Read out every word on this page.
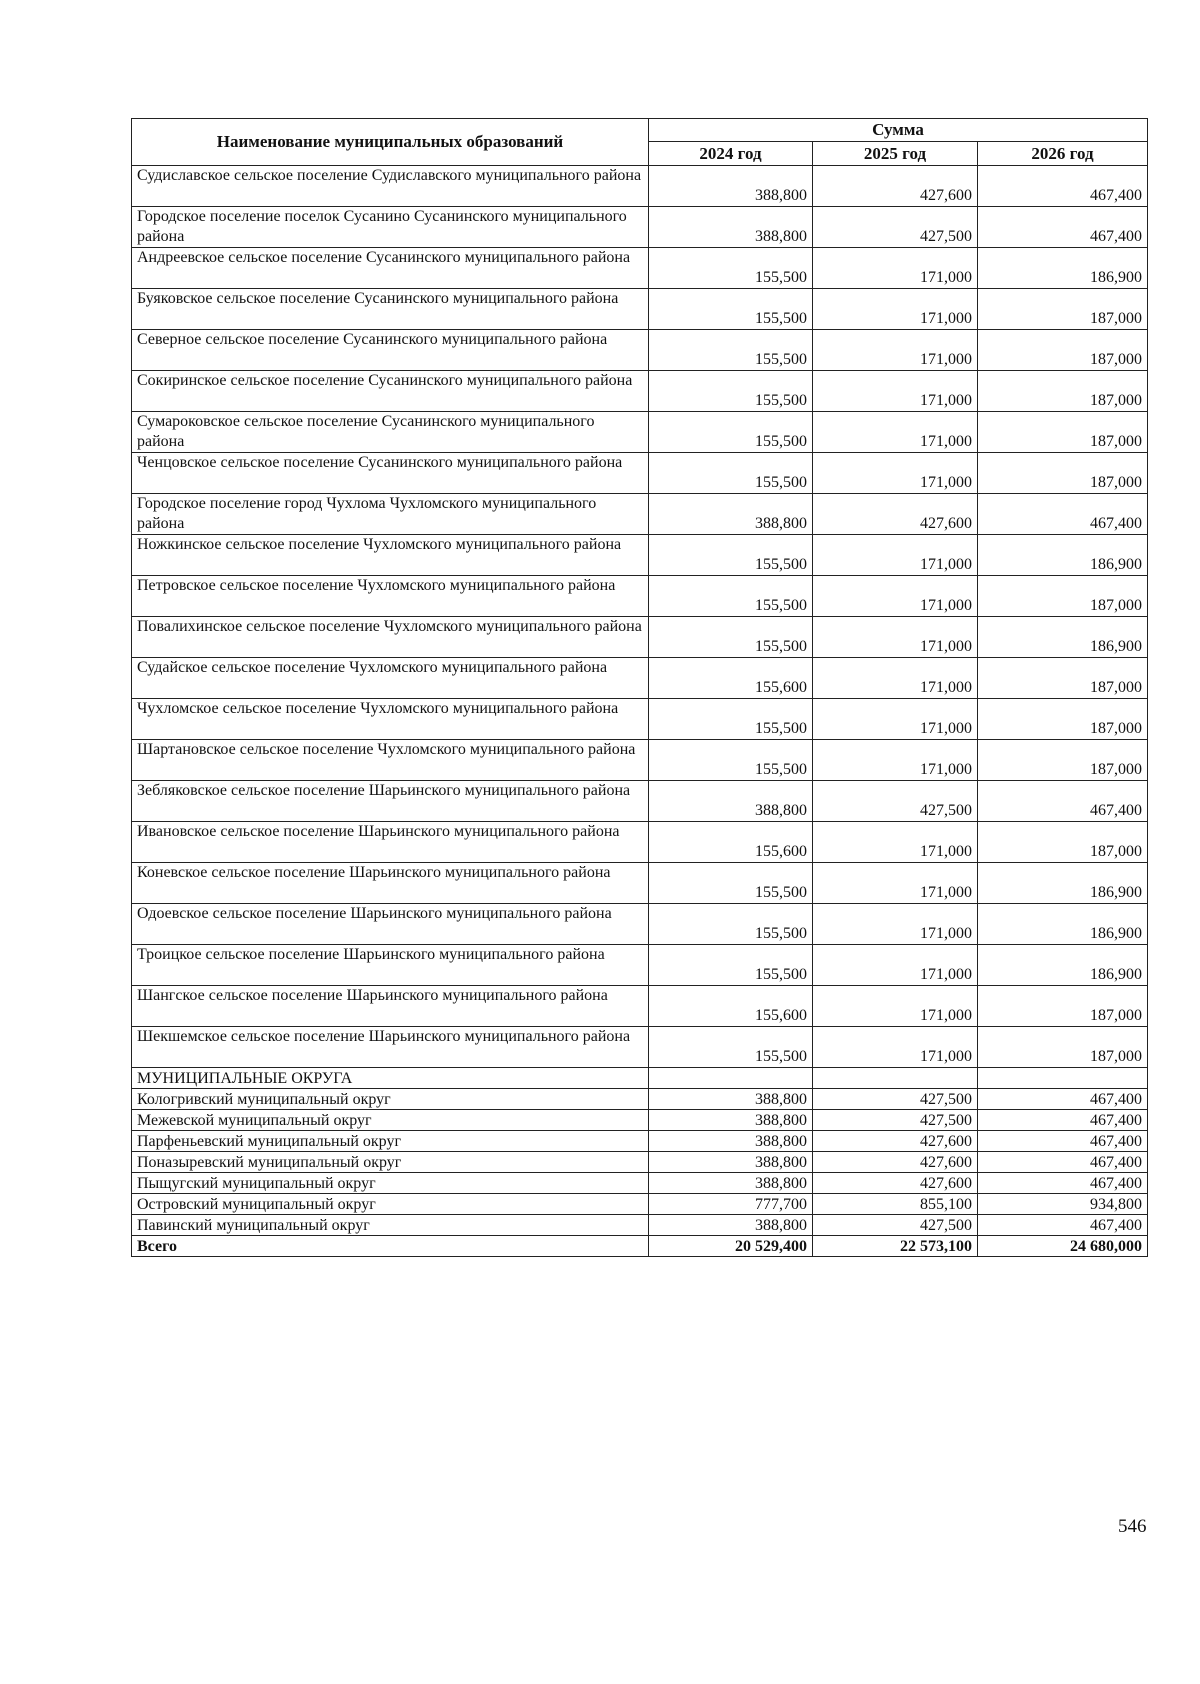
Наименование муниципальных образований	Сумма		
	2024 год	2025 год	2026 год
Судиславское сельское поселение Судиславского муниципального района	388,800	427,600	467,400
Городское поселение поселок Сусанино Сусанинского муниципального района	388,800	427,500	467,400
Андреевское сельское поселение Сусанинского муниципального района	155,500	171,000	186,900
Буяковское сельское поселение Сусанинского муниципального района	155,500	171,000	187,000
Северное сельское поселение Сусанинского муниципального района	155,500	171,000	187,000
Сокиринское сельское поселение Сусанинского муниципального района	155,500	171,000	187,000
Сумароковское сельское поселение Сусанинского муниципального района	155,500	171,000	187,000
Ченцовское сельское поселение Сусанинского муниципального района	155,500	171,000	187,000
Городское поселение город Чухлома Чухломского муниципального района	388,800	427,600	467,400
Ножкинское сельское поселение Чухломского муниципального района	155,500	171,000	186,900
Петровское сельское поселение Чухломского муниципального района	155,500	171,000	187,000
Повалихинское сельское поселение Чухломского муниципального района	155,500	171,000	186,900
Судайское сельское поселение Чухломского муниципального района	155,600	171,000	187,000
Чухломское сельское поселение Чухломского муниципального района	155,500	171,000	187,000
Шартановское сельское поселение Чухломского муниципального района	155,500	171,000	187,000
Зебляковское сельское поселение Шарьинского муниципального района	388,800	427,500	467,400
Ивановское сельское поселение Шарьинского муниципального района	155,600	171,000	187,000
Коневское сельское поселение Шарьинского муниципального района	155,500	171,000	186,900
Одоевское сельское поселение Шарьинского муниципального района	155,500	171,000	186,900
Троицкое сельское поселение Шарьинского муниципального района	155,500	171,000	186,900
Шангское сельское поселение Шарьинского муниципального района	155,600	171,000	187,000
Шекшемское сельское поселение Шарьинского муниципального района	155,500	171,000	187,000
МУНИЦИПАЛЬНЫЕ ОКРУГА			
Кологривский муниципальный округ	388,800	427,500	467,400
Межевской муниципальный округ	388,800	427,500	467,400
Парфеньевский муниципальный округ	388,800	427,600	467,400
Поназыревский муниципальный округ	388,800	427,600	467,400
Пыщугский муниципальный округ	388,800	427,600	467,400
Островский муниципальный округ	777,700	855,100	934,800
Павинский муниципальный округ	388,800	427,500	467,400
Всего	20 529,400	22 573,100	24 680,000
546
